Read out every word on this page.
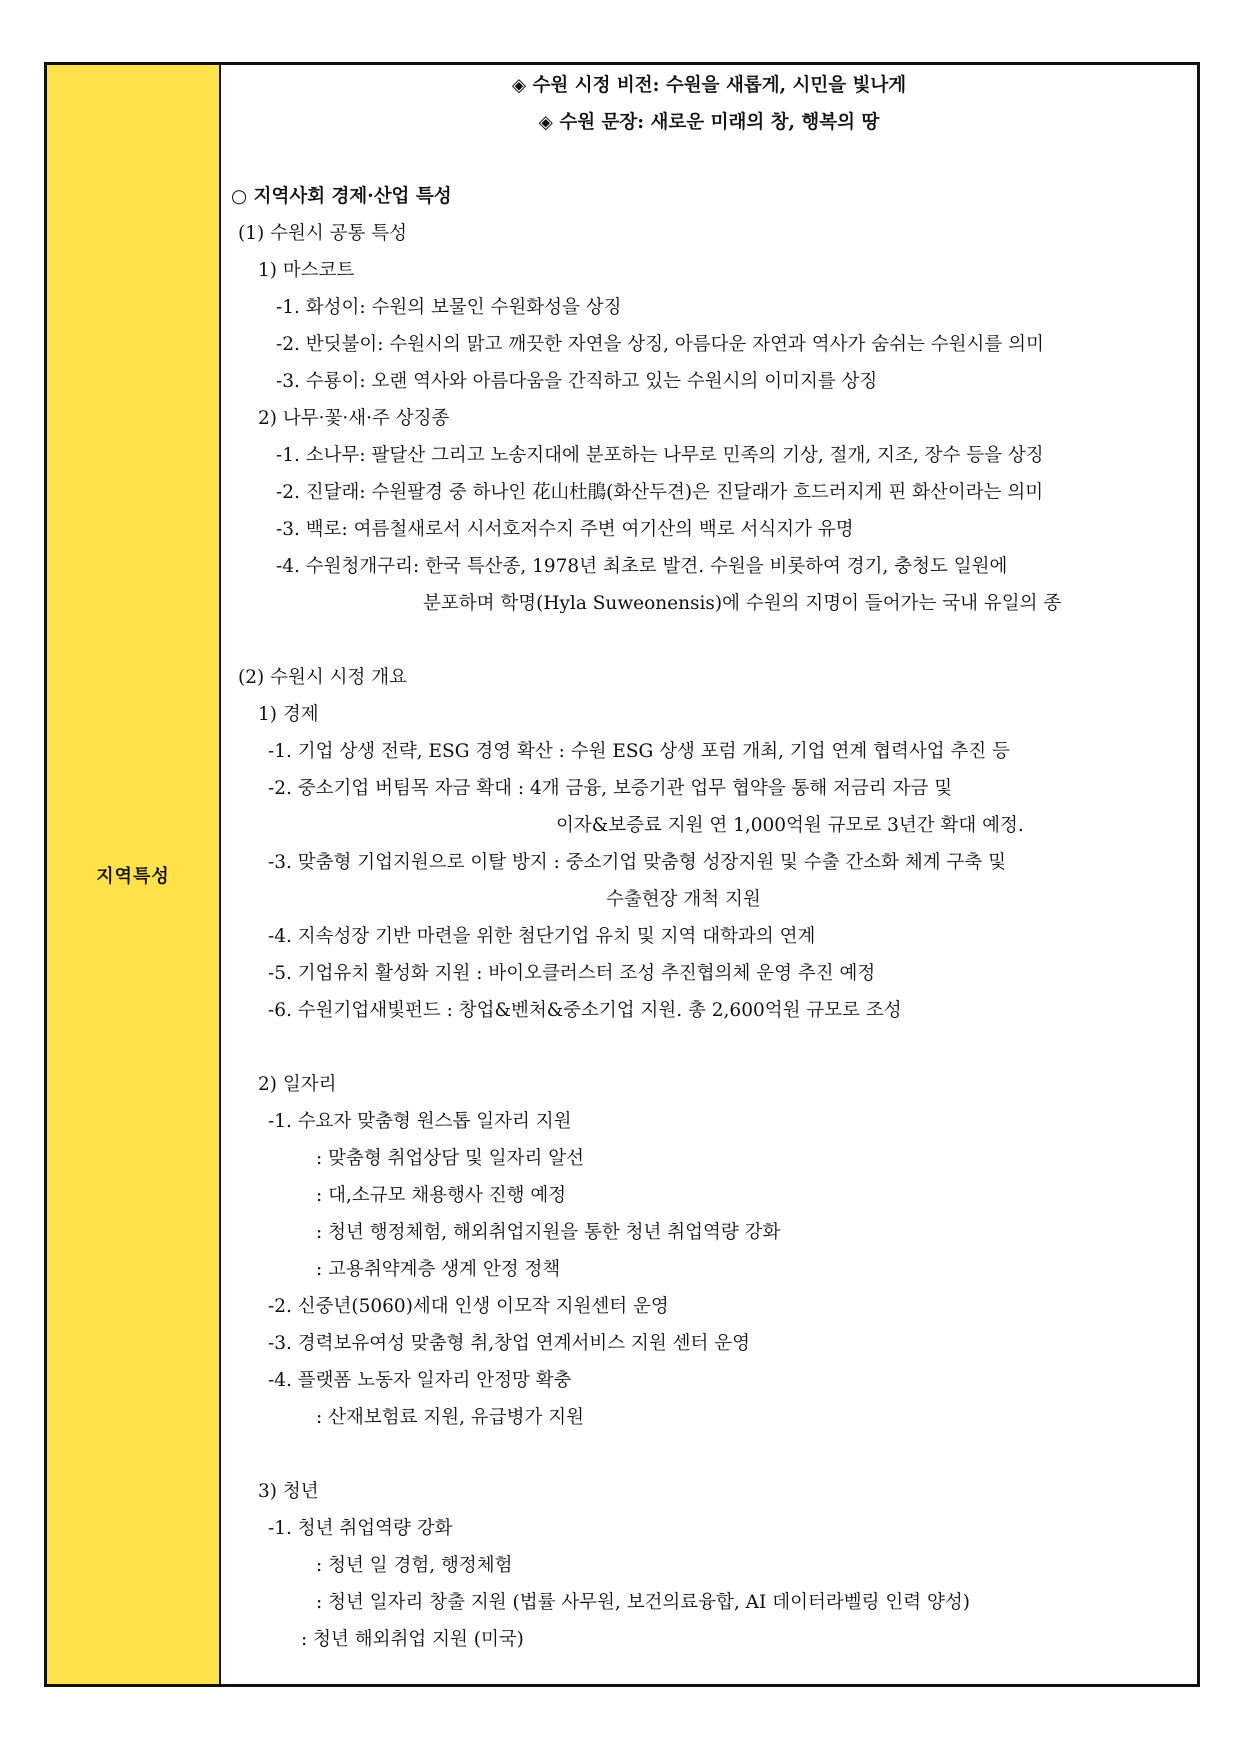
지역특성
◈ 수원 시정 비전: 수원을 새롭게, 시민을 빛나게
◈ 수원 문장: 새로운 미래의 창, 행복의 땅
○ 지역사회 경제·산업 특성
(1) 수원시 공통 특성
1) 마스코트
-1. 화성이: 수원의 보물인 수원화성을 상징
-2. 반딧불이: 수원시의 맑고 깨끗한 자연을 상징, 아름다운 자연과 역사가 숨쉬는 수원시를 의미
-3. 수룡이: 오랜 역사와 아름다움을 간직하고 있는 수원시의 이미지를 상징
2) 나무·꽃·새·주 상징종
-1. 소나무: 팔달산 그리고 노송지대에 분포하는 나무로 민족의 기상, 절개, 지조, 장수 등을 상징
-2. 진달래: 수원팔경 중 하나인 花山杜鵑(화산두견)은 진달래가 흐드러지게 핀 화산이라는 의미
-3. 백로: 여름철새로서 시서호저수지 주변 여기산의 백로 서식지가 유명
-4. 수원청개구리: 한국 특산종, 1978년 최초로 발견. 수원을 비롯하여 경기, 충청도 일원에
분포하며 학명(Hyla Suweonensis)에 수원의 지명이 들어가는 국내 유일의 종
(2) 수원시 시정 개요
1) 경제
-1. 기업 상생 전략, ESG 경영 확산 : 수원 ESG 상생 포럼 개최, 기업 연계 협력사업 추진 등
-2. 중소기업 버팀목 자금 확대 : 4개 금융, 보증기관 업무 협약을 통해 저금리 자금 및
이자&보증료 지원 연 1,000억원 규모로 3년간 확대 예정.
-3. 맞춤형 기업지원으로 이탈 방지 : 중소기업 맞춤형 성장지원 및 수출 간소화 체계 구축 및
수출현장 개척 지원
-4. 지속성장 기반 마련을 위한 첨단기업 유치 및 지역 대학과의 연계
-5. 기업유치 활성화 지원 : 바이오클러스터 조성 추진협의체 운영 추진 예정
-6. 수원기업새빛펀드 : 창업&벤처&중소기업 지원. 총 2,600억원 규모로 조성
2) 일자리
-1. 수요자 맞춤형 원스톱 일자리 지원
: 맞춤형 취업상담 및 일자리 알선
: 대,소규모 채용행사 진행 예정
: 청년 행정체험, 해외취업지원을 통한 청년 취업역량 강화
: 고용취약계층 생계 안정 정책
-2. 신중년(5060)세대 인생 이모작 지원센터 운영
-3. 경력보유여성 맞춤형 취,창업 연계서비스 지원 센터 운영
-4. 플랫폼 노동자 일자리 안정망 확충
: 산재보험료 지원, 유급병가 지원
3) 청년
-1. 청년 취업역량 강화
: 청년 일 경험, 행정체험
: 청년 일자리 창출 지원 (법률 사무원, 보건의료융합, AI 데이터라벨링 인력 양성)
: 청년 해외취업 지원 (미국)
